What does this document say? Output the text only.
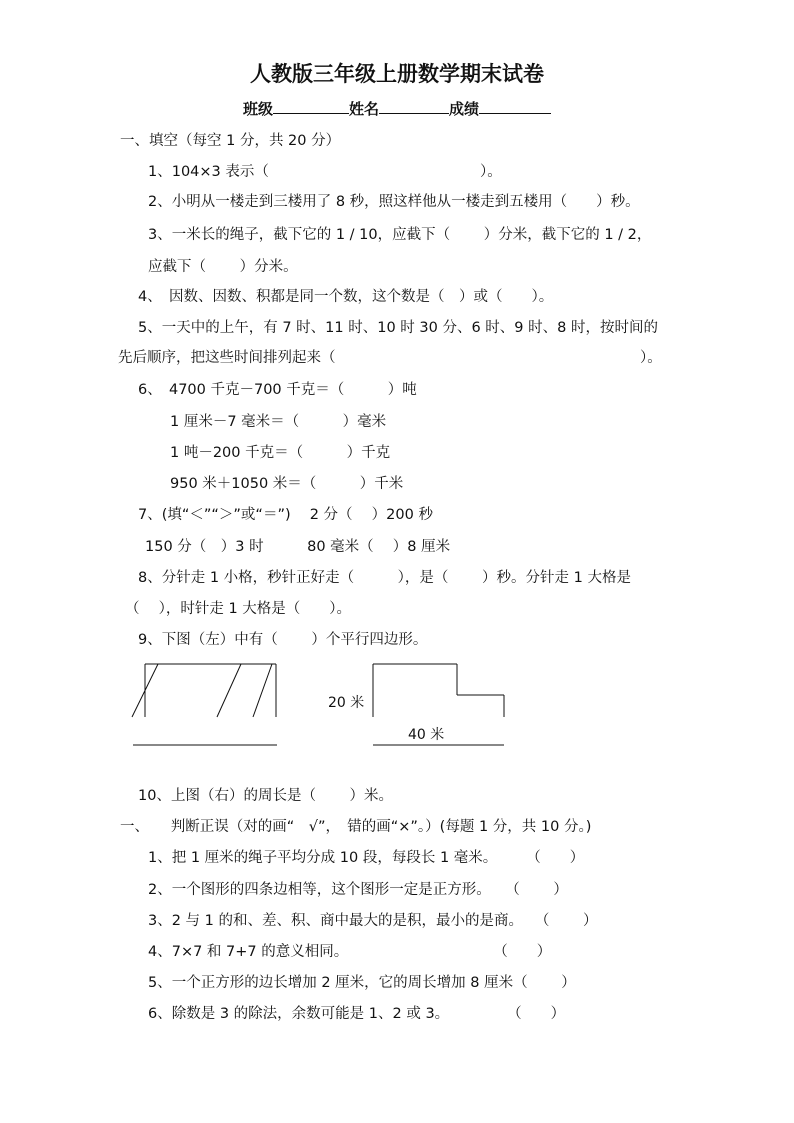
人教版三年级上册数学期末试卷
班级	姓名	成绩
一、填空（每空 1 分，共 20 分）
1、104×3 表示（	）。
2、小明从一楼走到三楼用了 8 秒，照这样他从一楼走到五楼用（　　）秒。
3、一米长的绳子，截下它的 1 / 10，应截下（　　 ）分米，截下它的 1 / 2，
应截下（　　 ）分米。
4、　因数、因数、积都是同一个数，这个数是（　）或（　　）。
5、一天中的上午，有 7 时、11 时、10 时 30 分、6 时、9 时、8 时，按时间的
先后顺序，把这些时间排列起来（	）。
6、　4700 千克－700 千克＝（　　　）吨
1 厘米－7 毫米＝（　　　）毫米
1 吨－200 千克＝（　　　）千克
950 米＋1050 米＝（　　　）千米
7、(填“＜”“＞”或“＝”)　 2 分（　 ）200 秒
150 分（　）3 时　　　80 毫米（　 ）8 厘米
8、分针走 1 小格，秒针正好走（　　　），是（　　 ）秒。分针走 1 大格是
（　 ），时针走 1 大格是（　　）。
9、下图（左）中有（　　 ）个平行四边形。
20 米
40 米
10、上图（右）的周长是（　　 ）米。
一、　　判断正误（对的画“　√”，　错的画“×”。）(每题 1 分，共 10 分。)
1、把 1 厘米的绳子平均分成 10 段，每段长 1 毫米。　　　（　　）
2、一个图形的四条边相等，这个图形一定是正方形。　　（　　 ）
3、2 与 1 的和、差、积、商中最大的是积，最小的是商。　 （　　 ）
4、7×7 和 7+7 的意义相同。　　　　　　　　　　　（　　）
5、一个正方形的边长增加 2 厘米，它的周长增加 8 厘米（　　 ）
6、除数是 3 的除法，余数可能是 1、2 或 3。　　　　　（　　）
